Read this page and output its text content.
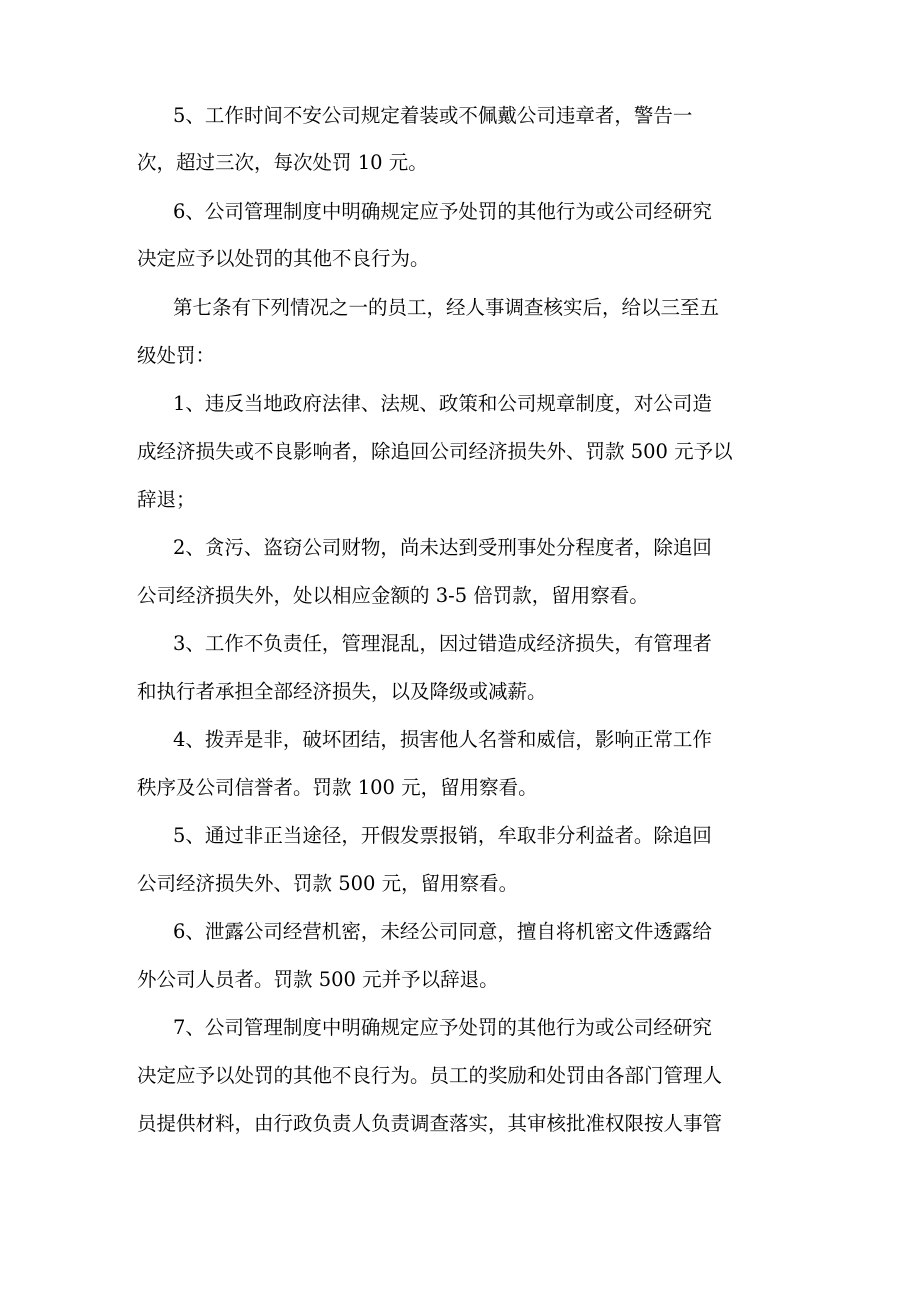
5、工作时间不安公司规定着装或不佩戴公司违章者，警告一
次，超过三次，每次处罚 10 元。
6、公司管理制度中明确规定应予处罚的其他行为或公司经研究
决定应予以处罚的其他不良行为。
第七条有下列情况之一的员工，经人事调查核实后，给以三至五
级处罚：
1、违反当地政府法律、法规、政策和公司规章制度，对公司造
成经济损失或不良影响者，除追回公司经济损失外、罚款 500 元予以
辞退；
2、贪污、盗窃公司财物，尚未达到受刑事处分程度者，除追回
公司经济损失外，处以相应金额的 3-5 倍罚款，留用察看。
3、工作不负责任，管理混乱，因过错造成经济损失，有管理者
和执行者承担全部经济损失，以及降级或减薪。
4、拨弄是非，破坏团结，损害他人名誉和威信，影响正常工作
秩序及公司信誉者。罚款 100 元，留用察看。
5、通过非正当途径，开假发票报销，牟取非分利益者。除追回
公司经济损失外、罚款 500 元，留用察看。
6、泄露公司经营机密，未经公司同意，擅自将机密文件透露给
外公司人员者。罚款 500 元并予以辞退。
7、公司管理制度中明确规定应予处罚的其他行为或公司经研究
决定应予以处罚的其他不良行为。员工的奖励和处罚由各部门管理人
员提供材料，由行政负责人负责调查落实，其审核批准权限按人事管
